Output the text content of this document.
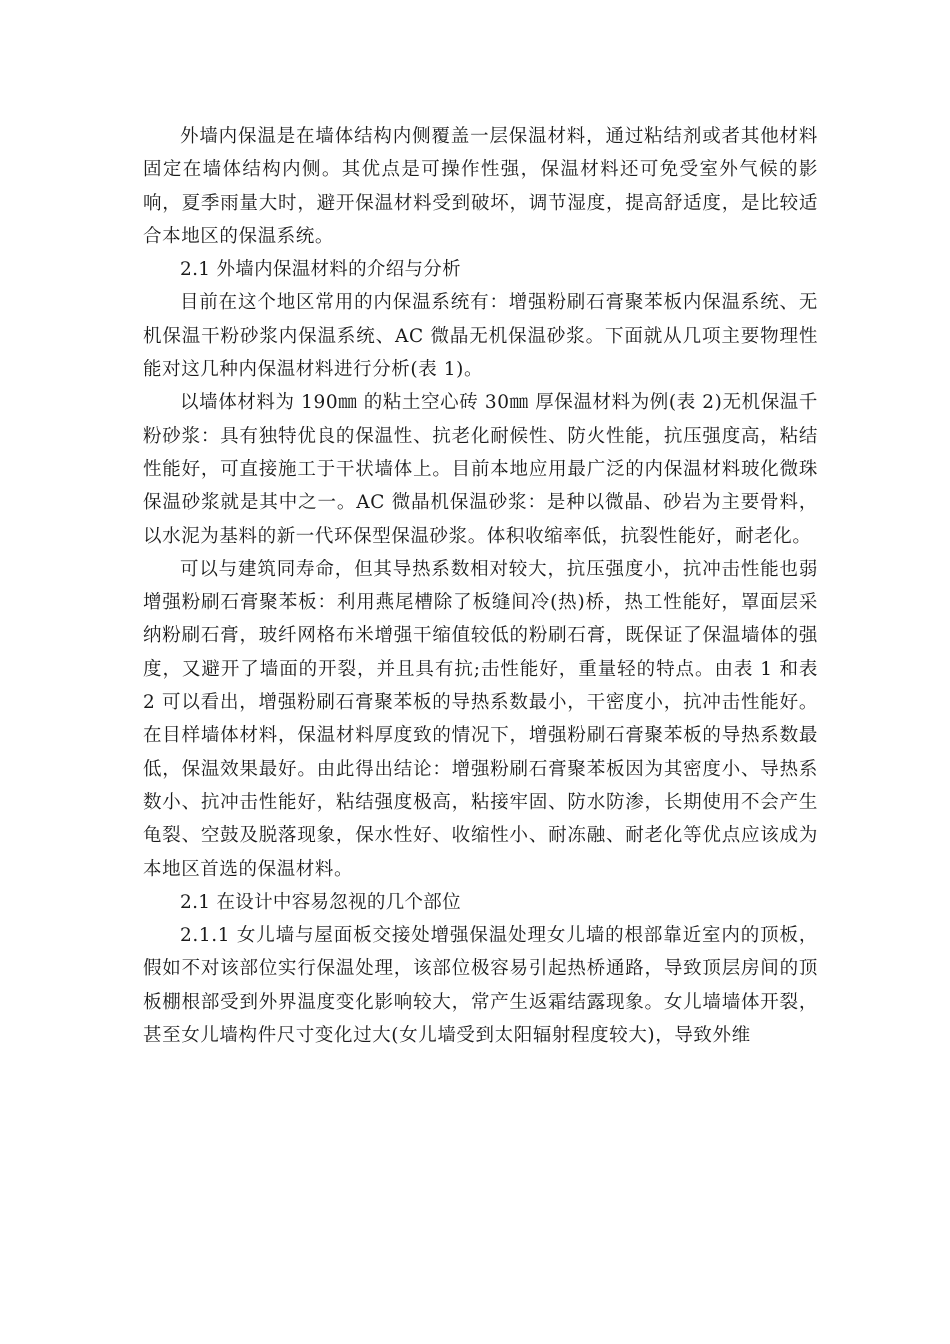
外墙内保温是在墙体结构内侧覆盖一层保温材料，通过粘结剂或者其他材料固定在墙体结构内侧。其优点是可操作性强，保温材料还可免受室外气候的影响，夏季雨量大时，避开保温材料受到破坏，调节湿度，提高舒适度，是比较适合本地区的保温系统。

2.1 外墙内保温材料的介绍与分析

目前在这个地区常用的内保温系统有：增强粉刷石膏聚苯板内保温系统、无机保温干粉砂浆内保温系统、AC 微晶无机保温砂浆。下面就从几项主要物理性能对这几种内保温材料进行分析(表 1)。

以墙体材料为 190㎜ 的粘土空心砖 30㎜ 厚保温材料为例(表 2)无机保温千粉砂浆：具有独特优良的保温性、抗老化耐候性、防火性能，抗压强度高，粘结性能好，可直接施工于干状墙体上。目前本地应用最广泛的内保温材料玻化微珠保温砂浆就是其中之一。AC 微晶机保温砂浆：是种以微晶、砂岩为主要骨料，以水泥为基料的新一代环保型保温砂浆。体积收缩率低，抗裂性能好，耐老化。

可以与建筑同寿命，但其导热系数相对较大，抗压强度小，抗冲击性能也弱增强粉刷石膏聚苯板：利用燕尾槽除了板缝间冷(热)桥，热工性能好，罩面层采纳粉刷石膏，玻纤网格布米增强干缩值较低的粉刷石膏，既保证了保温墙体的强度，又避开了墙面的开裂，并且具有抗;击性能好，重量轻的特点。由表 1 和表 2 可以看出，增强粉刷石膏聚苯板的导热系数最小，干密度小，抗冲击性能好。在目样墙体材料，保温材料厚度致的情况下，增强粉刷石膏聚苯板的导热系数最低，保温效果最好。由此得出结论：增强粉刷石膏聚苯板因为其密度小、导热系数小、抗冲击性能好，粘结强度极高，粘接牢固、防水防渗，长期使用不会产生龟裂、空鼓及脱落现象，保水性好、收缩性小、耐冻融、耐老化等优点应该成为本地区首选的保温材料。

2.1 在设计中容易忽视的几个部位

2.1.1 女儿墙与屋面板交接处增强保温处理女儿墙的根部靠近室内的顶板，假如不对该部位实行保温处理，该部位极容易引起热桥通路，导致顶层房间的顶板棚根部受到外界温度变化影响较大，常产生返霜结露现象。女儿墙墙体开裂，甚至女儿墙构件尺寸变化过大(女儿墙受到太阳辐射程度较大)，导致外维
